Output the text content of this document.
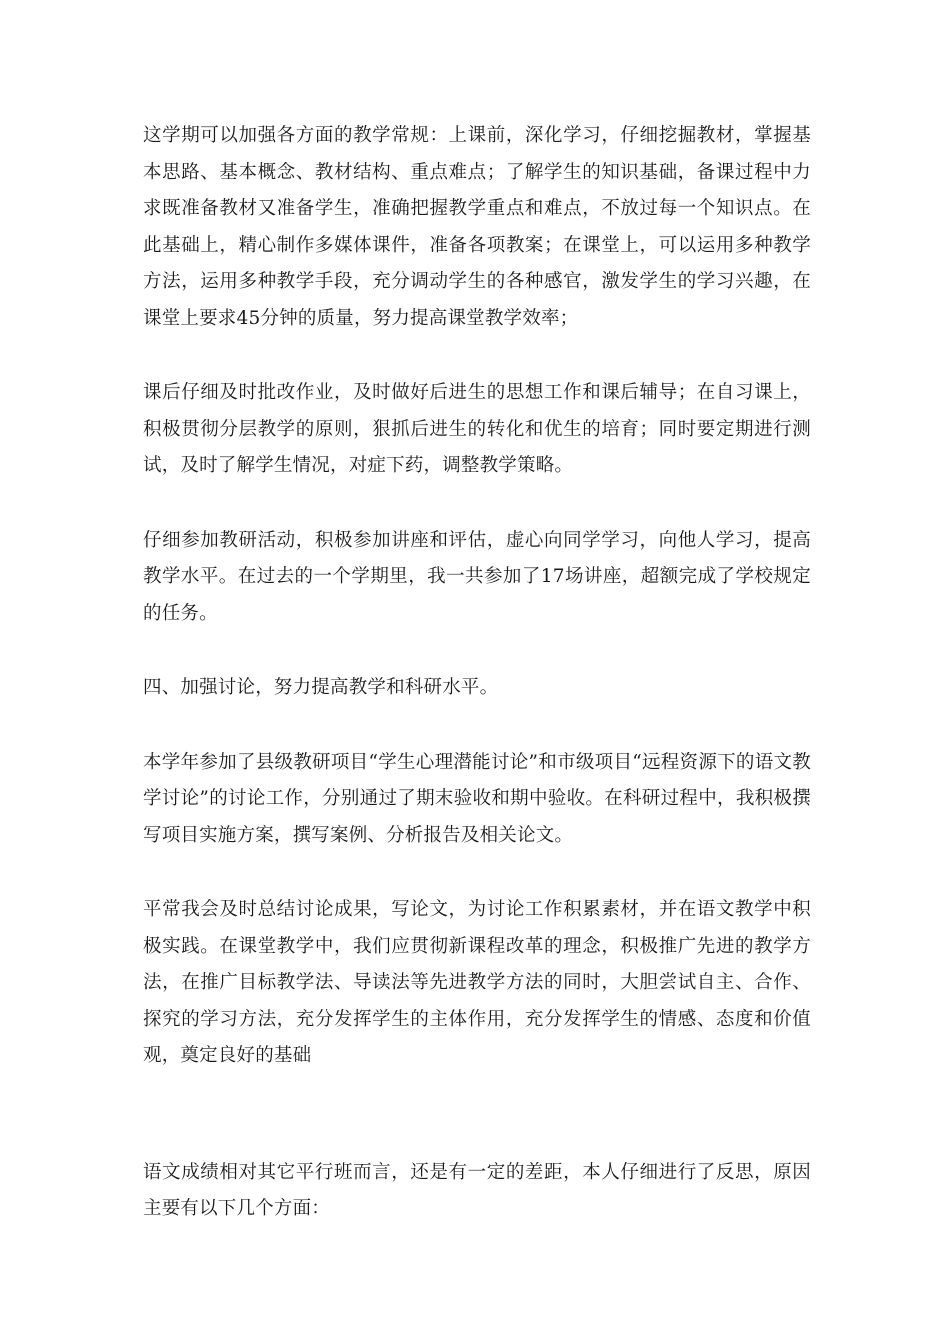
这学期可以加强各方面的教学常规：上课前，深化学习，仔细挖掘教材，掌握基本思路、基本概念、教材结构、重点难点；了解学生的知识基础，备课过程中力求既准备教材又准备学生，准确把握教学重点和难点，不放过每一个知识点。在此基础上，精心制作多媒体课件，准备各项教案；在课堂上，可以运用多种教学方法，运用多种教学手段，充分调动学生的各种感官，激发学生的学习兴趣，在课堂上要求45分钟的质量，努力提高课堂教学效率；

课后仔细及时批改作业，及时做好后进生的思想工作和课后辅导；在自习课上，积极贯彻分层教学的原则，狠抓后进生的转化和优生的培育；同时要定期进行测试，及时了解学生情况，对症下药，调整教学策略。

仔细参加教研活动，积极参加讲座和评估，虚心向同学学习，向他人学习，提高教学水平。在过去的一个学期里，我一共参加了17场讲座，超额完成了学校规定的任务。

四、加强讨论，努力提高教学和科研水平。

本学年参加了县级教研项目“学生心理潜能讨论”和市级项目“远程资源下的语文教学讨论”的讨论工作，分别通过了期末验收和期中验收。在科研过程中，我积极撰写项目实施方案，撰写案例、分析报告及相关论文。

平常我会及时总结讨论成果，写论文，为讨论工作积累素材，并在语文教学中积极实践。在课堂教学中，我们应贯彻新课程改革的理念，积极推广先进的教学方法，在推广目标教学法、导读法等先进教学方法的同时，大胆尝试自主、合作、探究的学习方法，充分发挥学生的主体作用，充分发挥学生的情感、态度和价值观，奠定良好的基础

语文成绩相对其它平行班而言，还是有一定的差距，本人仔细进行了反思，原因主要有以下几个方面：
